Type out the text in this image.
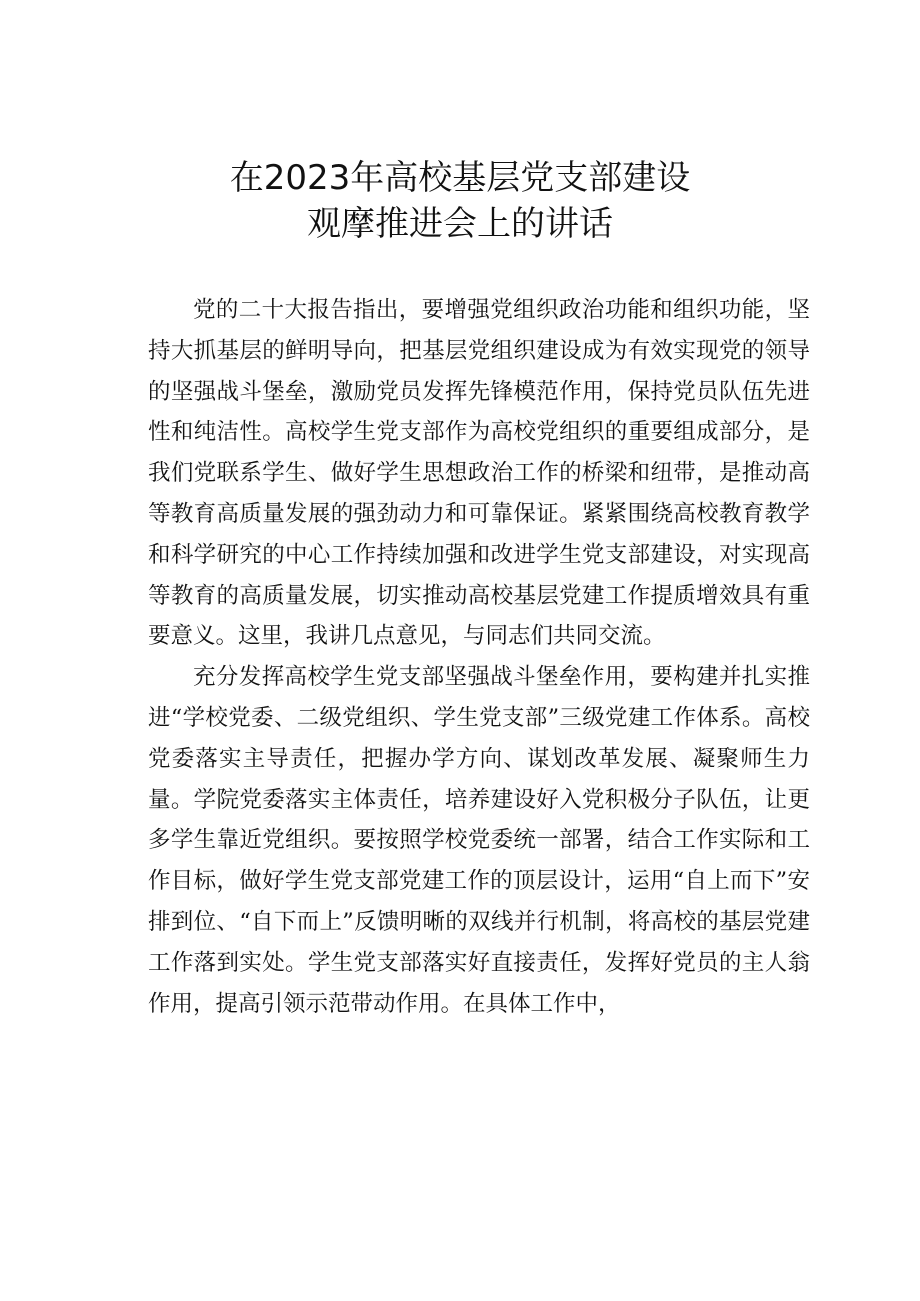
在2023年高校基层党支部建设
观摩推进会上的讲话

党的二十大报告指出，要增强党组织政治功能和组织功能，坚持大抓基层的鲜明导向，把基层党组织建设成为有效实现党的领导的坚强战斗堡垒，激励党员发挥先锋模范作用，保持党员队伍先进性和纯洁性。高校学生党支部作为高校党组织的重要组成部分，是我们党联系学生、做好学生思想政治工作的桥梁和纽带，是推动高等教育高质量发展的强劲动力和可靠保证。紧紧围绕高校教育教学和科学研究的中心工作持续加强和改进学生党支部建设，对实现高等教育的高质量发展，切实推动高校基层党建工作提质增效具有重要意义。这里，我讲几点意见，与同志们共同交流。

充分发挥高校学生党支部坚强战斗堡垒作用，要构建并扎实推进“学校党委、二级党组织、学生党支部”三级党建工作体系。高校党委落实主导责任，把握办学方向、谋划改革发展、凝聚师生力量。学院党委落实主体责任，培养建设好入党积极分子队伍，让更多学生靠近党组织。要按照学校党委统一部署，结合工作实际和工作目标，做好学生党支部党建工作的顶层设计，运用“自上而下”安排到位、“自下而上”反馈明晰的双线并行机制，将高校的基层党建工作落到实处。学生党支部落实好直接责任，发挥好党员的主人翁作用，提高引领示范带动作用。在具体工作中，
